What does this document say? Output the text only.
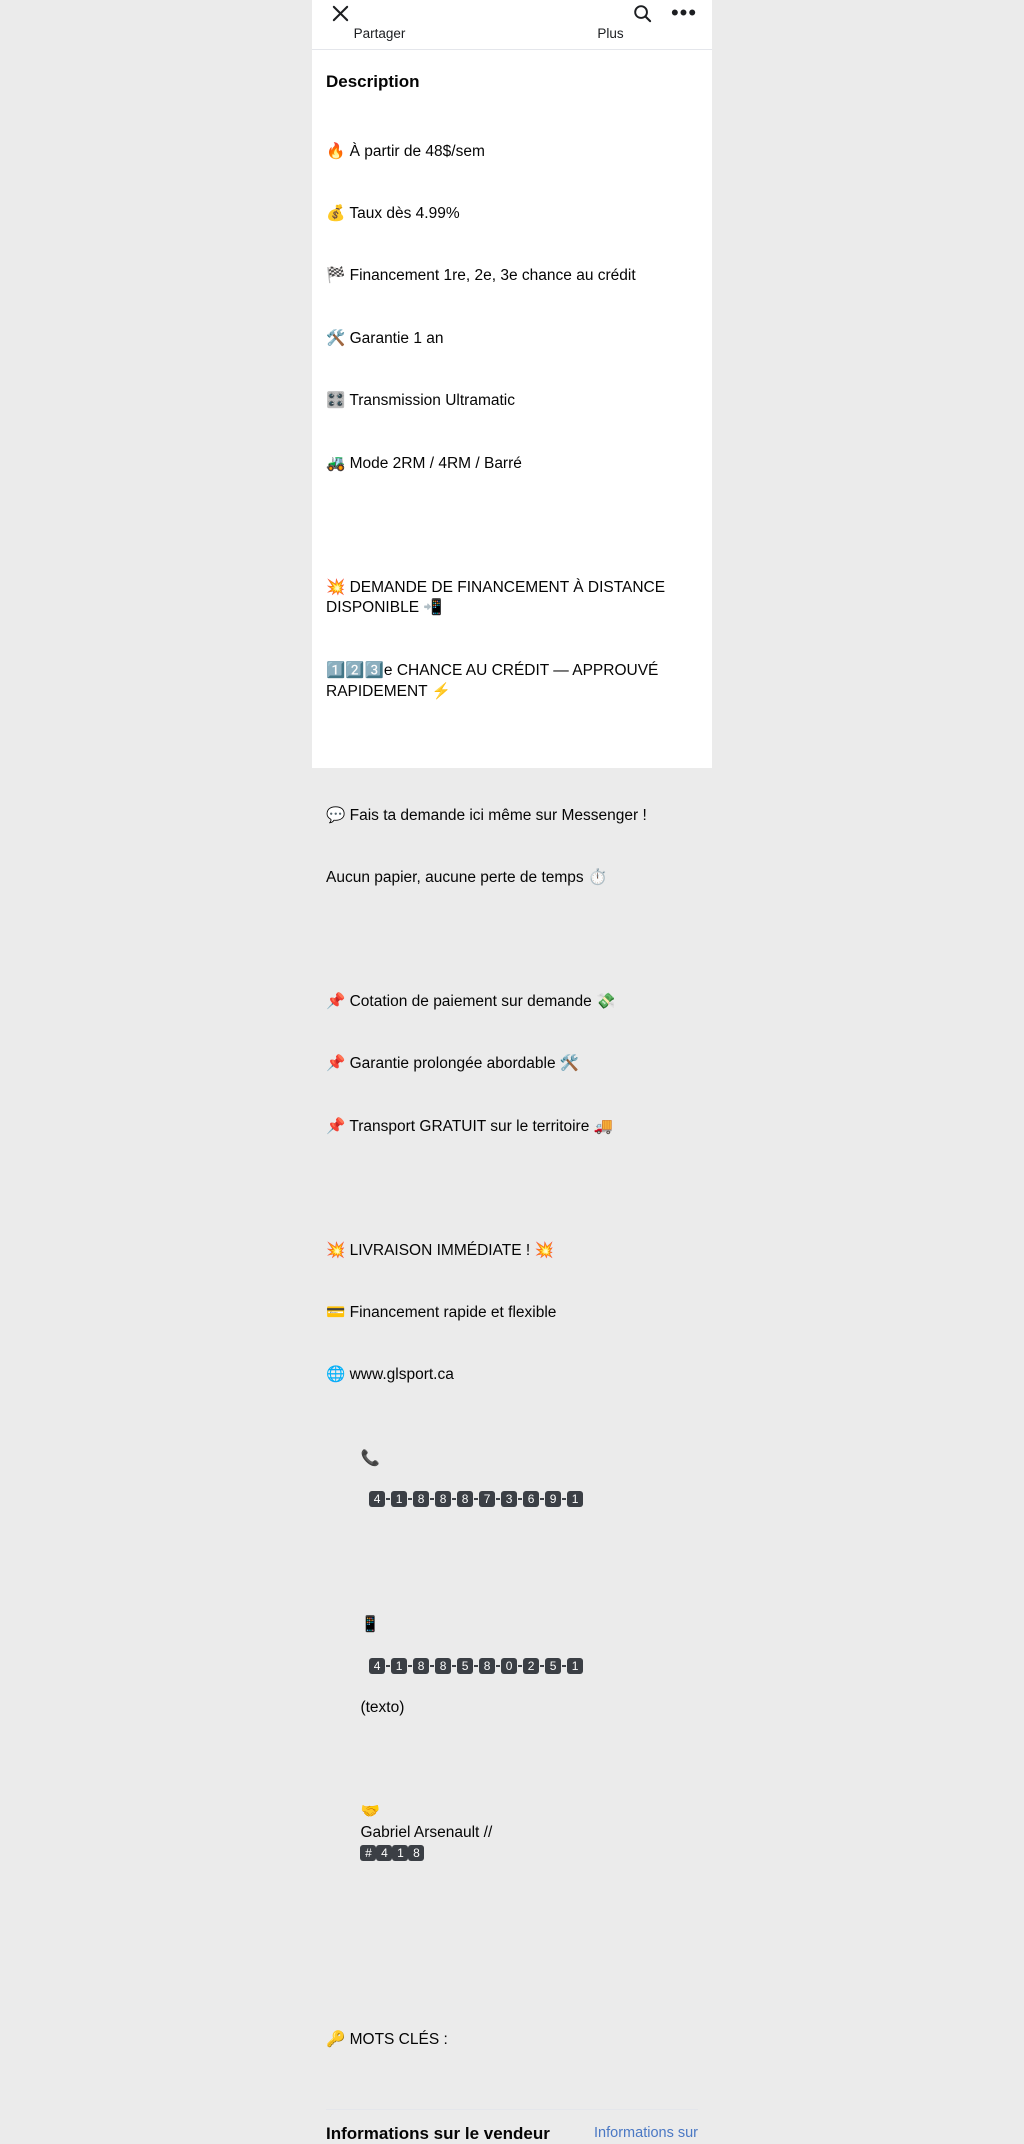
•••
Partager	Plus
Description

🔥 À partir de 48$/sem

💰 Taux dès 4.99%

🏁 Financement 1re, 2e, 3e chance au crédit

🛠️ Garantie 1 an

🎛️ Transmission Ultramatic

🚜 Mode 2RM / 4RM / Barré

💥 DEMANDE DE FINANCEMENT À DISTANCE DISPONIBLE 📲

1️⃣2️⃣3️⃣e CHANCE AU CRÉDIT — APPROUVÉ RAPIDEMENT ⚡

💬 Fais ta demande ici même sur Messenger !

Aucun papier, aucune perte de temps ⏱️

📌 Cotation de paiement sur demande 💸

📌 Garantie prolongée abordable 🛠️

📌 Transport GRATUIT sur le territoire 🚚

💥 LIVRAISON IMMÉDIATE ! 💥

💳 Financement rapide et flexible

🌐 www.glsport.ca

📞

4 1 8 8 8 7 3 6 9 1

📱

4 1 8 8 5 8 0 2 5 1

(texto)

🤝
Gabriel Arsenault //
# 4 1 8

🔑 MOTS CLÉS :

Informations sur le vendeur	Informations sur
